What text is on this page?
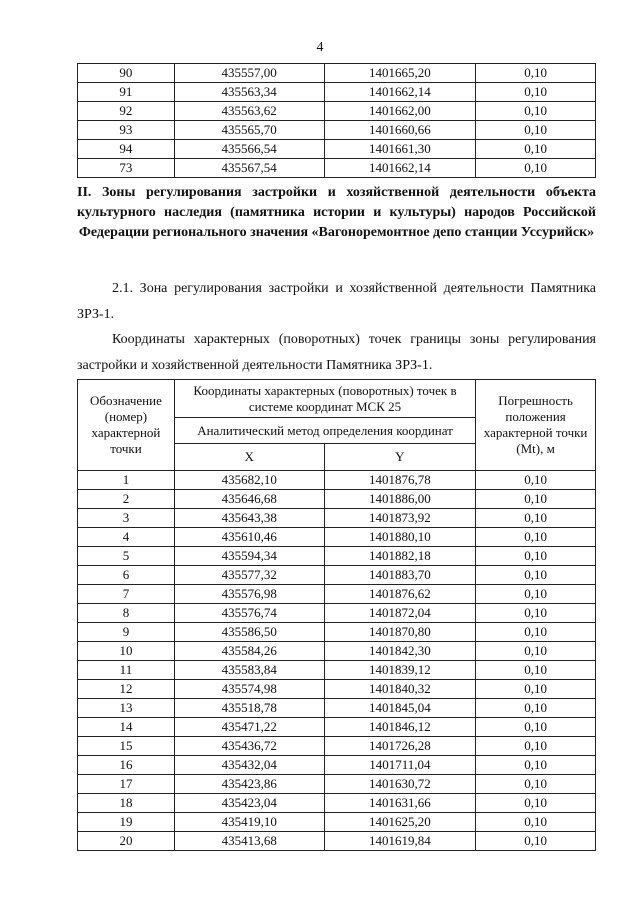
4
90	435557,00	1401665,20	0,10
91	435563,34	1401662,14	0,10
92	435563,62	1401662,00	0,10
93	435565,70	1401660,66	0,10
94	435566,54	1401661,30	0,10
73	435567,54	1401662,14	0,10
II. Зоны регулирования застройки и хозяйственной деятельности объекта культурного наследия (памятника истории и культуры) народов Российской Федерации регионального значения «Вагоноремонтное депо станции Уссурийск»

2.1. Зона регулирования застройки и хозяйственной деятельности Памятника ЗРЗ-1.

Координаты характерных (поворотных) точек границы зоны регулирования застройки и хозяйственной деятельности Памятника ЗРЗ-1.

Обозначение (номер) характерной точки	Координаты характерных (поворотных) точек в системе координат МСК 25		Погрешность положения характерной точки (Mt), м
	Аналитический метод определения координат		
	X	Y	
1	435682,10	1401876,78	0,10
2	435646,68	1401886,00	0,10
3	435643,38	1401873,92	0,10
4	435610,46	1401880,10	0,10
5	435594,34	1401882,18	0,10
6	435577,32	1401883,70	0,10
7	435576,98	1401876,62	0,10
8	435576,74	1401872,04	0,10
9	435586,50	1401870,80	0,10
10	435584,26	1401842,30	0,10
11	435583,84	1401839,12	0,10
12	435574,98	1401840,32	0,10
13	435518,78	1401845,04	0,10
14	435471,22	1401846,12	0,10
15	435436,72	1401726,28	0,10
16	435432,04	1401711,04	0,10
17	435423,86	1401630,72	0,10
18	435423,04	1401631,66	0,10
19	435419,10	1401625,20	0,10
20	435413,68	1401619,84	0,10
